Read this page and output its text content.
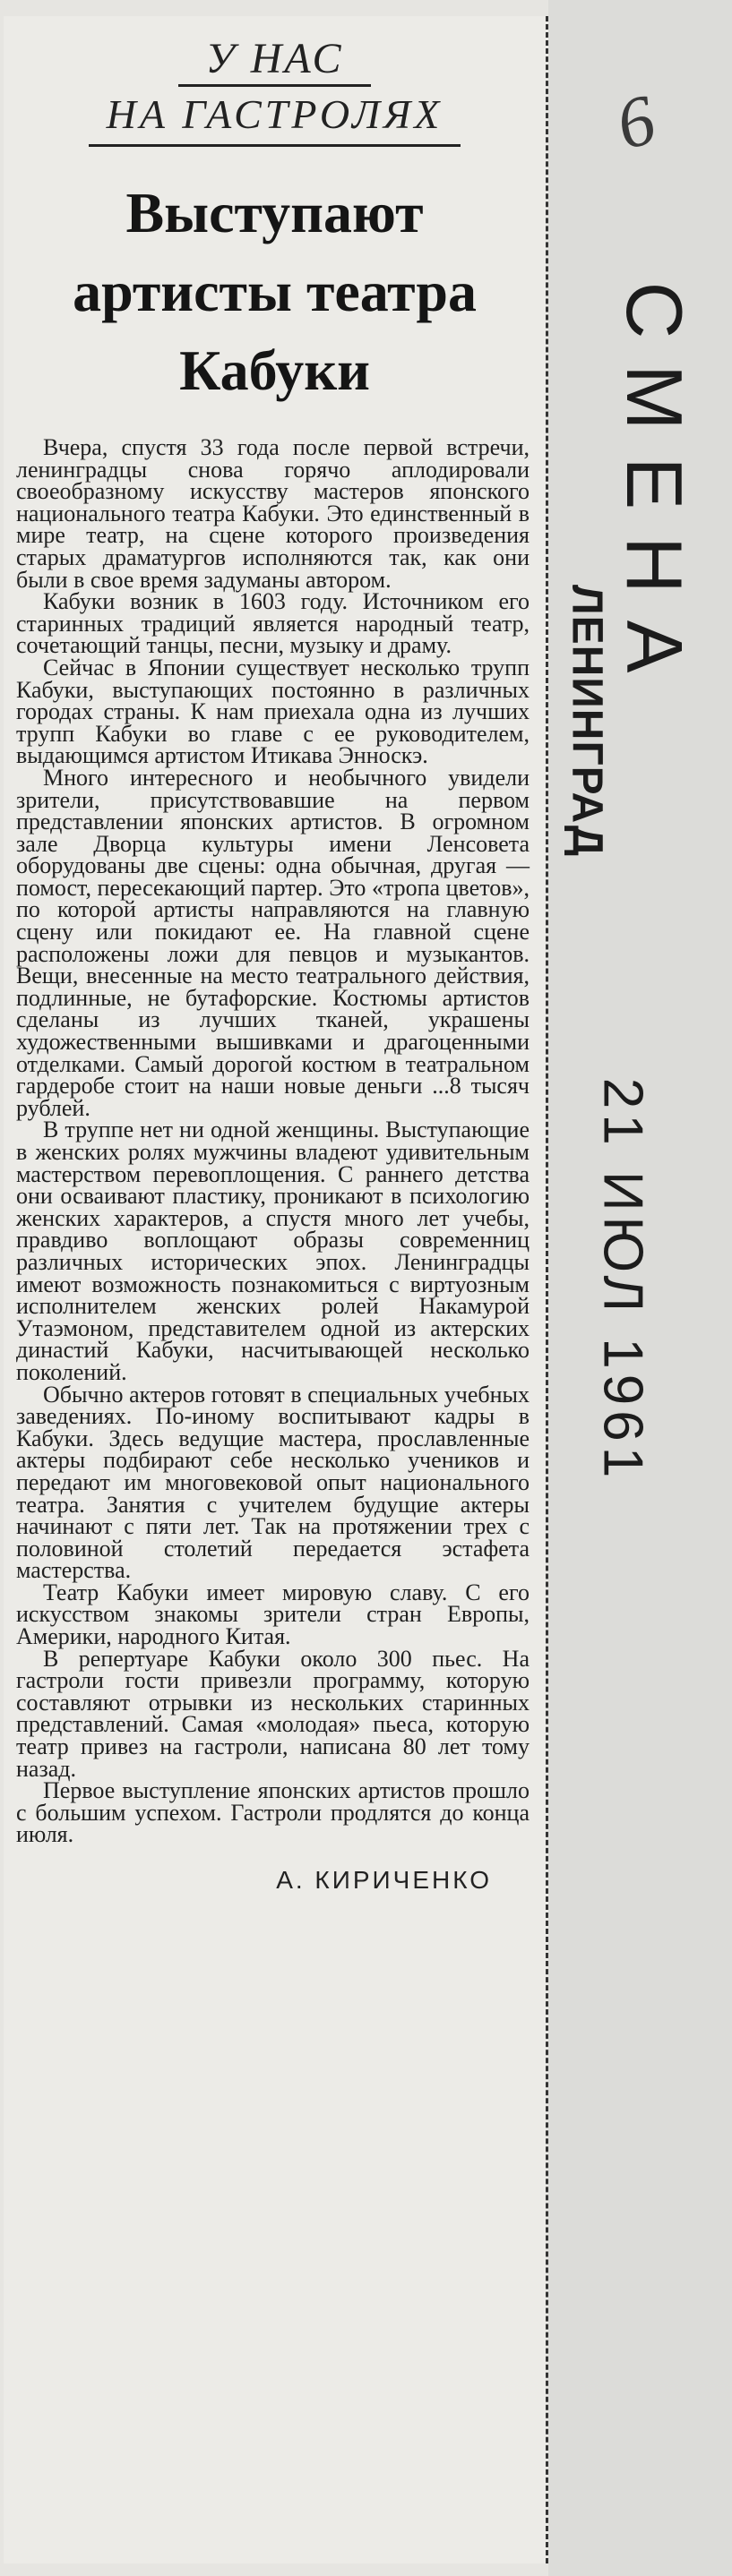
У НАС
НА ГАСТРОЛЯХ
Выступают
артисты театра
Кабуки

Вчера, спустя 33 года после первой встречи, ленинградцы снова горячо аплодировали своеобразному искусству мастеров японского национального театра Кабуки. Это единственный в мире театр, на сцене которого произведения старых драматургов исполняются так, как они были в свое время задуманы автором.

Кабуки возник в 1603 году. Источником его старинных традиций является народный театр, сочетающий танцы, песни, музыку и драму.

Сейчас в Японии существует несколько трупп Кабуки, выступающих постоянно в различных городах страны. К нам приехала одна из лучших трупп Кабуки во главе с ее руководителем, выдающимся артистом Итикава Энноскэ.

Много интересного и необычного увидели зрители, присутствовавшие на первом представлении японских артистов. В огромном зале Дворца культуры имени Ленсовета оборудованы две сцены: одна обычная, другая — помост, пересекающий партер. Это «тропа цветов», по которой артисты направляются на главную сцену или покидают ее. На главной сцене расположены ложи для певцов и музыкантов. Вещи, внесенные на место театрального действия, подлинные, не бутафорские. Костюмы артистов сделаны из лучших тканей, украшены художественными вышивками и драгоценными отделками. Самый дорогой костюм в театральном гардеробе стоит на наши новые деньги ...8 тысяч рублей.

В труппе нет ни одной женщины. Выступающие в женских ролях мужчины владеют удивительным мастерством перевоплощения. С раннего детства они осваивают пластику, проникают в психологию женских характеров, а спустя много лет учебы, правдиво воплощают образы современниц различных исторических эпох. Ленинградцы имеют возможность познакомиться с виртуозным исполнителем женских ролей Накамурой Утаэмоном, представителем одной из актерских династий Кабуки, насчитывающей несколько поколений.

Обычно актеров готовят в специальных учебных заведениях. По-иному воспитывают кадры в Кабуки. Здесь ведущие мастера, прославленные актеры подбирают себе несколько учеников и передают им многовековой опыт национального театра. Занятия с учителем будущие актеры начинают с пяти лет. Так на протяжении трех с половиной столетий передается эстафета мастерства.

Театр Кабуки имеет мировую славу. С его искусством знакомы зрители стран Европы, Америки, народного Китая.

В репертуаре Кабуки около 300 пьес. На гастроли гости привезли программу, которую составляют отрывки из нескольких старинных представлений. Самая «молодая» пьеса, которую театр привез на гастроли, написана 80 лет тому назад.

Первое выступление японских артистов прошло с большим успехом. Гастроли продлятся до конца июля.

А. КИРИЧЕНКО
6
СМЕНА
ЛЕНИНГРАД
21 ИЮЛ 1961
